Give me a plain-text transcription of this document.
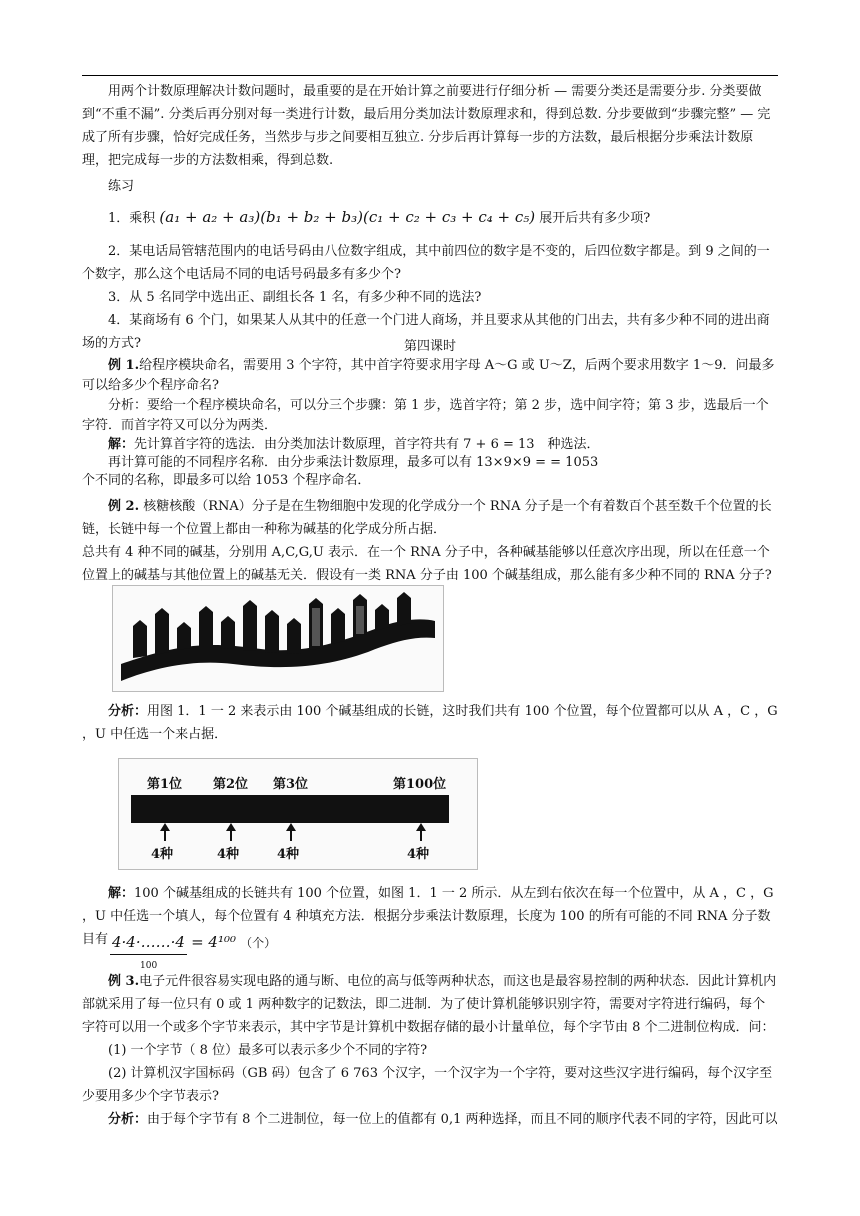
用两个计数原理解决计数问题时，最重要的是在开始计算之前要进行仔细分析 — 需要分类还是需要分步. 分类要做到“不重不漏”. 分类后再分别对每一类进行计数，最后用分类加法计数原理求和，得到总数. 分步要做到“步骤完整” — 完成了所有步骤，恰好完成任务，当然步与步之间要相互独立. 分步后再计算每一步的方法数，最后根据分步乘法计数原理，把完成每一步的方法数相乘，得到总数.
练习
1．乘积 (a₁ + a₂ + a₃)(b₁ + b₂ + b₃)(c₁ + c₂ + c₃ + c₄ + c₅) 展开后共有多少项?
2．某电话局管辖范围内的电话号码由八位数字组成，其中前四位的数字是不变的，后四位数字都是。到 9 之间的一个数字，那么这个电话局不同的电话号码最多有多少个?
3．从 5 名同学中选出正、副组长各 1 名，有多少种不同的选法?
4．某商场有 6 个门，如果某人从其中的任意一个门进人商场，并且要求从其他的门出去，共有多少种不同的进出商场的方式?	第四课时
例 1.给程序模块命名，需要用 3 个字符，其中首字符要求用字母 A～G 或 U～Z，后两个要求用数字 1～9．问最多可以给多少个程序命名?
分析：要给一个程序模块命名，可以分三个步骤：第 1 步，选首字符；第 2 步，选中间字符；第 3 步，选最后一个字符．而首字符又可以分为两类．
解：先计算首字符的选法．由分类加法计数原理，首字符共有 7 + 6 = 13　种选法．
再计算可能的不同程序名称．由分步乘法计数原理，最多可以有 13×9×9 = = 1053
个不同的名称，即最多可以给 1053 个程序命名．
例 2. 核糖核酸（RNA）分子是在生物细胞中发现的化学成分一个 RNA 分子是一个有着数百个甚至数千个位置的长链，长链中每一个位置上都由一种称为碱基的化学成分所占据．
总共有 4 种不同的碱基，分别用 A,C,G,U 表示．在一个 RNA 分子中，各种碱基能够以任意次序出现，所以在任意一个位置上的碱基与其他位置上的碱基无关．假设有一类 RNA 分子由 100 个碱基组成，那么能有多少种不同的 RNA 分子?
分析：用图 1．1 一 2 来表示由 100 个碱基组成的长链，这时我们共有 100 个位置，每个位置都可以从 A ，C ，G ，U 中任选一个来占据．
第1位 第2位 第3位	第100位
4种	4种	4种	4种
解：100 个碱基组成的长链共有 100 个位置，如图 1．1 一 2 所示．从左到右依次在每一个位置中，从 A ，C ，G ，U 中任选一个填人，每个位置有 4 种填充方法．根据分步乘法计数原理，长度为 100 的所有可能的不同 RNA 分子数目有 4·4·……·4
100
= 4¹⁰⁰ （个）
例 3.电子元件很容易实现电路的通与断、电位的高与低等两种状态，而这也是最容易控制的两种状态．因此计算机内部就采用了每一位只有 0 或 1 两种数字的记数法，即二进制．为了使计算机能够识别字符，需要对字符进行编码，每个字符可以用一个或多个字节来表示，其中字节是计算机中数据存储的最小计量单位，每个字节由 8 个二进制位构成．问：
(1) 一个字节（ 8 位）最多可以表示多少个不同的字符?
(2) 计算机汉字国标码（GB 码）包含了 6 763 个汉字，一个汉字为一个字符，要对这些汉字进行编码，每个汉字至少要用多少个字节表示?
分析：由于每个字节有 8 个二进制位，每一位上的值都有 0,1 两种选择，而且不同的顺序代表不同的字符，因此可以
